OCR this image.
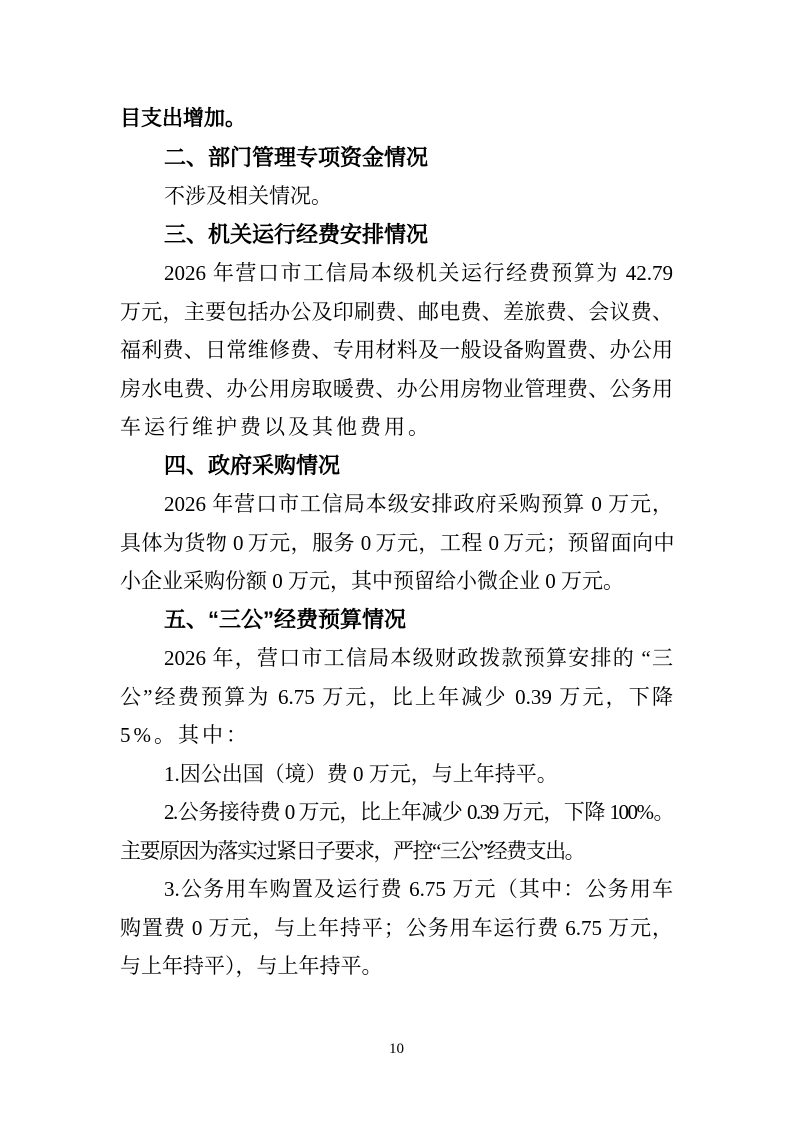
目支出增加。
二、部门管理专项资金情况
不涉及相关情况。
三、机关运行经费安排情况
2026 年营口市工信局本级机关运行经费预算为 42.79
万元，主要包括办公及印刷费、邮电费、差旅费、会议费、
福利费、日常维修费、专用材料及一般设备购置费、办公用
房水电费、办公用房取暖费、办公用房物业管理费、公务用
车运行维护费以及其他费用。
四、政府采购情况
2026 年营口市工信局本级安排政府采购预算 0 万元，
具体为货物 0 万元，服务 0 万元，工程 0 万元；预留面向中
小企业采购份额 0 万元，其中预留给小微企业 0 万元。
五、“三公”经费预算情况
2026 年，营口市工信局本级财政拨款预算安排的 “三
公”经费预算为 6.75 万元，比上年减少 0.39 万元，下降
5%。其中：
1.因公出国（境）费 0 万元，与上年持平。
2.公务接待费 0 万元，比上年减少 0.39 万元，下降 100%。
主要原因为落实过紧日子要求，严控“三公”经费支出。
3.公务用车购置及运行费 6.75 万元（其中：公务用车
购置费 0 万元，与上年持平；公务用车运行费 6.75 万元，
与上年持平），与上年持平。
10
